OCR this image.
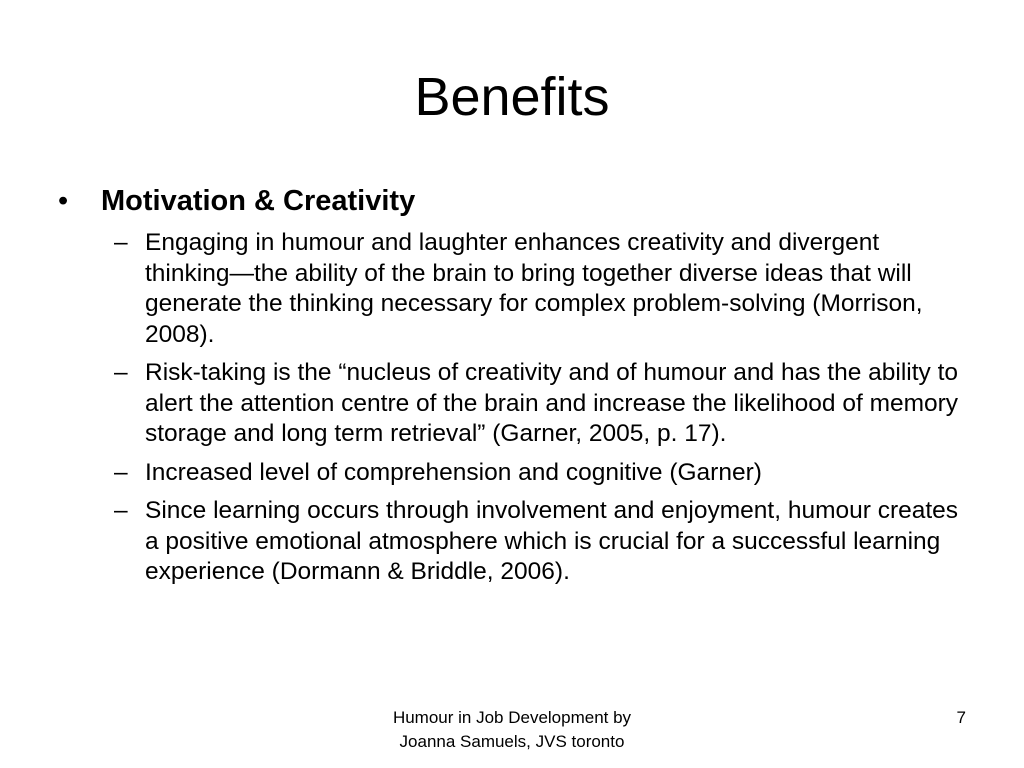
Benefits
•	Motivation & Creativity
– Engaging in humour and laughter enhances creativity and divergent thinking—the ability of the brain to bring together diverse ideas that will generate the thinking necessary for complex problem-solving (Morrison, 2008).
– Risk-taking is the “nucleus of creativity and of humour and has the ability to alert the attention centre of the brain and increase the likelihood of memory storage and long term retrieval” (Garner, 2005, p. 17).
– Increased level of comprehension and cognitive (Garner)
– Since learning occurs through involvement and enjoyment, humour creates a positive emotional atmosphere which is crucial for a successful learning experience (Dormann & Briddle, 2006).
Humour in Job Development by
Joanna Samuels, JVS toronto
7
